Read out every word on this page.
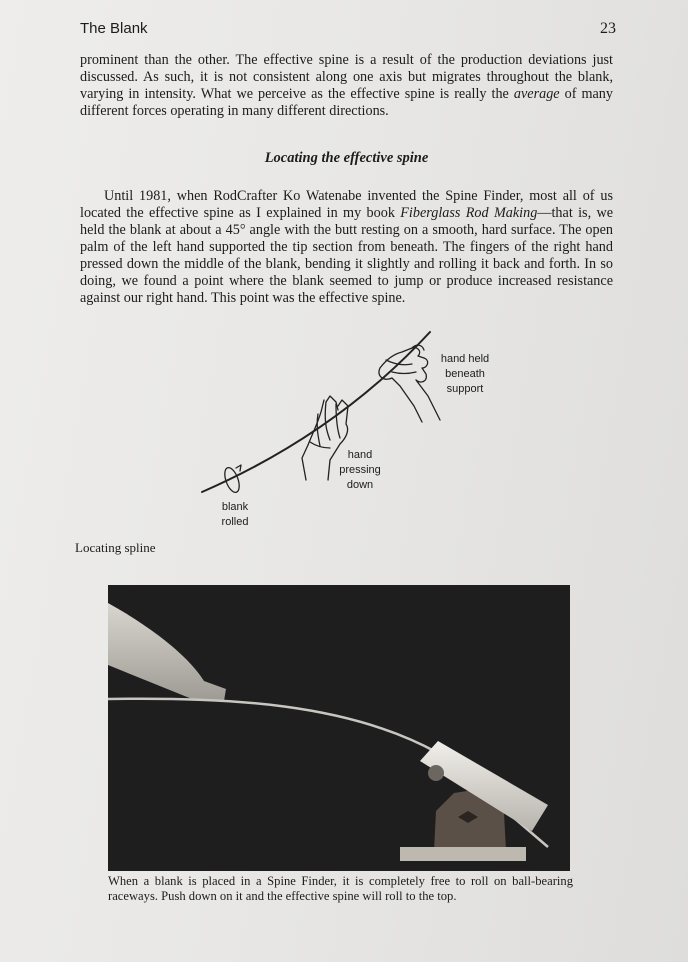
The Blank	23

prominent than the other. The effective spine is a result of the production deviations just discussed. As such, it is not consistent along one axis but migrates throughout the blank, varying in intensity. What we perceive as the effective spine is really the average of many different forces operating in many different directions.

Locating the effective spine

Until 1981, when RodCrafter Ko Watenabe invented the Spine Finder, most all of us located the effective spine as I explained in my book Fiberglass Rod Making—that is, we held the blank at about a 45° angle with the butt resting on a smooth, hard surface. The open palm of the left hand supported the tip section from beneath. The fingers of the right hand pressed down the middle of the blank, bending it slightly and rolling it back and forth. In so doing, we found a point where the blank seemed to jump or produce increased resistance against our right hand. This point was the effective spine.

hand held
beneath
support
hand
pressing
down
blank
rolled
Locating spline

When a blank is placed in a Spine Finder, it is completely free to roll on ball-bearing raceways. Push down on it and the effective spine will roll to the top.
